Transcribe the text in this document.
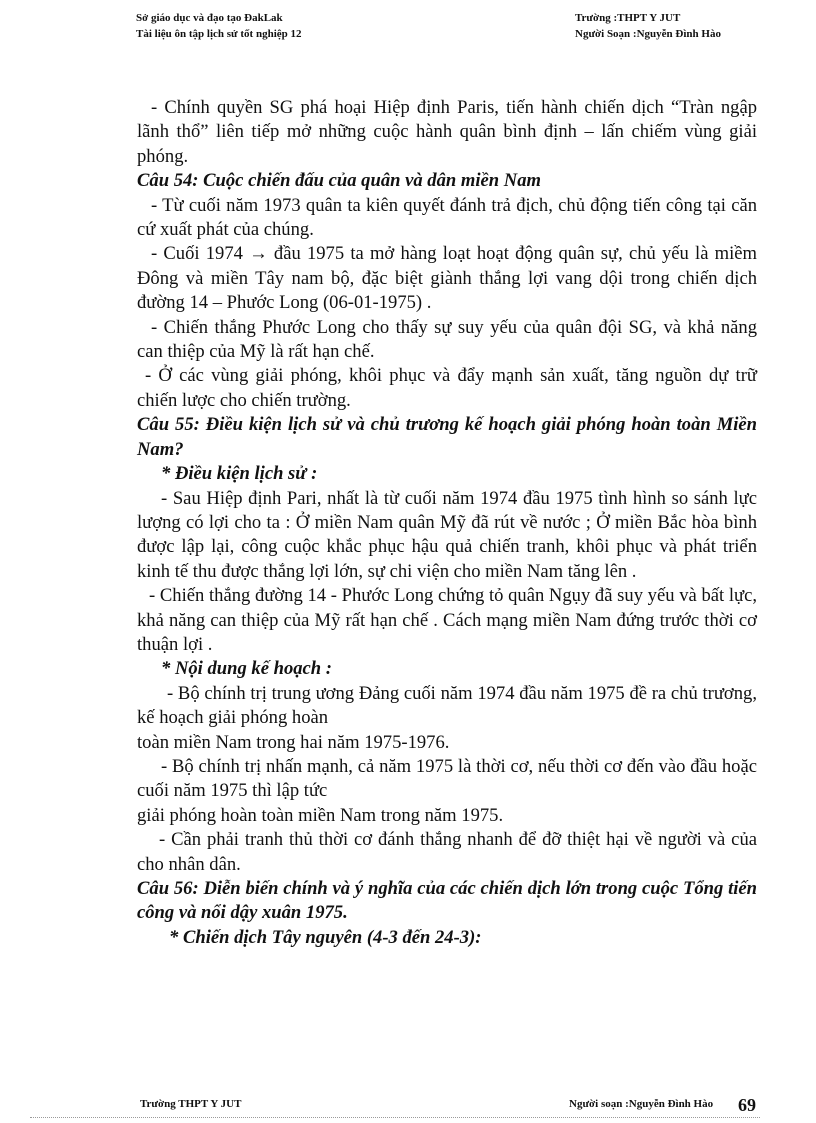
Sở giáo dục và đạo tạo ĐakLak
Tài liệu ôn tập lịch sử tốt nghiệp 12
Trường :THPT Y JUT
Người Soạn :Nguyễn Đình Hào

- Chính quyền SG phá hoại Hiệp định Paris, tiến hành chiến dịch “Tràn ngập lãnh thổ” liên tiếp mở những cuộc hành quân bình định – lấn chiếm vùng giải phóng.

Câu 54: Cuộc chiến đấu của quân và dân miền Nam

- Từ cuối năm 1973 quân ta kiên quyết đánh trả địch, chủ động tiến công tại căn cứ xuất phát của chúng.

- Cuối 1974 → đầu 1975 ta mở hàng loạt hoạt động quân sự, chủ yếu là miềm Đông và miền Tây nam bộ, đặc biệt giành thắng lợi vang dội trong chiến dịch đường 14 – Phước Long (06-01-1975) .

- Chiến thắng Phước Long cho thấy sự suy yếu của quân đội SG, và khả năng can thiệp của Mỹ là rất hạn chế.

- Ở các vùng giải phóng, khôi phục và đẩy mạnh sản xuất, tăng nguồn dự trữ chiến lược cho chiến trường.

Câu 55: Điều kiện lịch sử và chủ trương kế hoạch giải phóng hoàn toàn Miền Nam?

* Điều kiện lịch sử :

- Sau Hiệp định Pari, nhất là từ cuối năm 1974 đầu 1975 tình hình so sánh lực lượng có lợi cho ta : Ở miền Nam quân Mỹ đã rút về nước ; Ở miền Bắc hòa bình được lập lại, công cuộc khắc phục hậu quả chiến tranh, khôi phục và phát triển kinh tế thu được thắng lợi lớn, sự chi viện cho miền Nam tăng lên .

- Chiến thắng đường 14 - Phước Long chứng tỏ quân Ngụy đã suy yếu và bất lực, khả năng can thiệp của Mỹ rất hạn chế . Cách mạng miền Nam đứng trước thời cơ thuận lợi .

* Nội dung kế hoạch :

- Bộ chính trị trung ương Đảng cuối năm 1974 đầu năm 1975 đề ra chủ trương, kế hoạch giải phóng hoàn

toàn miền Nam trong hai năm 1975-1976.

- Bộ chính trị nhấn mạnh, cả năm 1975 là thời cơ, nếu thời cơ đến vào đầu hoặc cuối năm 1975 thì lập tức

giải phóng hoàn toàn miền Nam trong năm 1975.

- Cần phải tranh thủ thời cơ đánh thắng nhanh để đỡ thiệt hại về người và của cho nhân dân.

Câu 56: Diễn biến chính và ý nghĩa của các chiến dịch lớn trong cuộc Tổng tiến công và nổi dậy xuân 1975.

* Chiến dịch Tây nguyên (4-3 đến 24-3):

Trường THPT Y JUT	Người soạn :Nguyễn Đình Hào 69
